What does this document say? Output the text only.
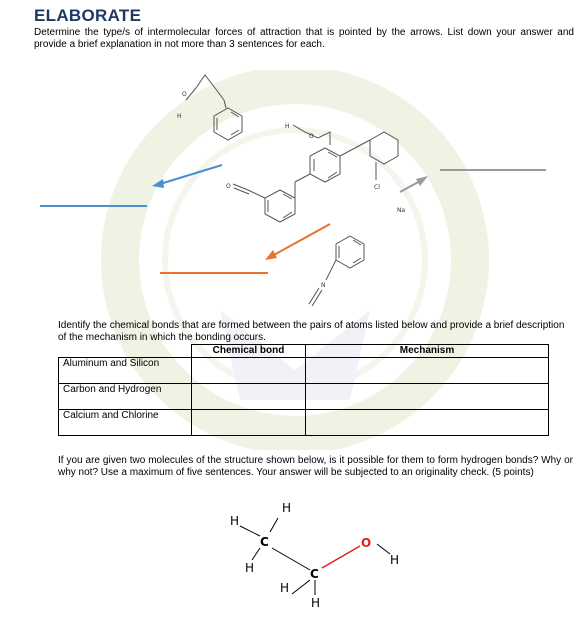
ELABORATE
Determine the type/s of intermolecular forces of attraction that is pointed by the arrows. List down your answer and provide a brief explanation in not more than 3 sentences for each.
O
H
H
O
O	Cl
Na
N
Identify the chemical bonds that are formed between the pairs of atoms listed below and provide a brief description of the mechanism in which the bonding occurs.
	Chemical bond	Mechanism
Aluminum and Silicon		
Carbon and Hydrogen		
Calcium and Chlorine		
If you are given two molecules of the structure shown below, is it possible for them to form hydrogen bonds? Why or why not? Use a maximum of five sentences. Your answer will be subjected to an originality check. (5 points)
H
H
C
H	C
H
H
O
H
